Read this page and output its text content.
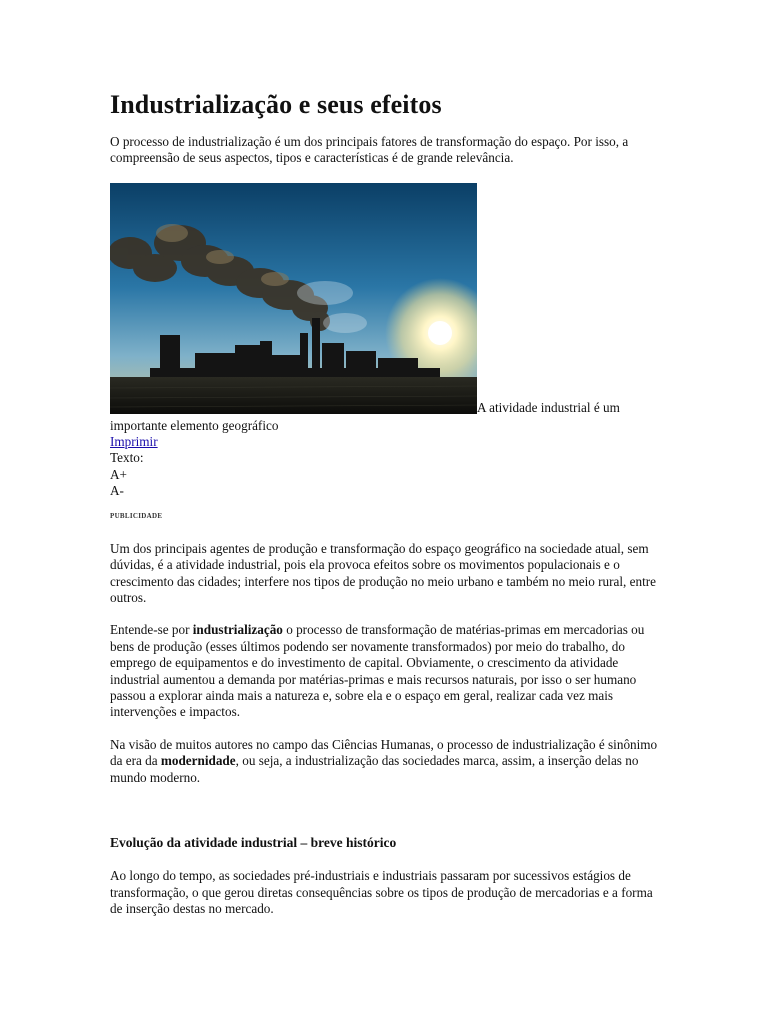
Industrialização e seus efeitos

O processo de industrialização é um dos principais fatores de transformação do espaço. Por isso, a compreensão de seus aspectos, tipos e características é de grande relevância.

A atividade industrial é um
importante elemento geográfico
Imprimir
Texto:
A+
A-
PUBLICIDADE

Um dos principais agentes de produção e transformação do espaço geográfico na sociedade atual, sem dúvidas, é a atividade industrial, pois ela provoca efeitos sobre os movimentos populacionais e o crescimento das cidades; interfere nos tipos de produção no meio urbano e também no meio rural, entre outros.

Entende-se por industrialização o processo de transformação de matérias-primas em mercadorias ou bens de produção (esses últimos podendo ser novamente transformados) por meio do trabalho, do emprego de equipamentos e do investimento de capital. Obviamente, o crescimento da atividade industrial aumentou a demanda por matérias-primas e mais recursos naturais, por isso o ser humano passou a explorar ainda mais a natureza e, sobre ela e o espaço em geral, realizar cada vez mais intervenções e impactos.

Na visão de muitos autores no campo das Ciências Humanas, o processo de industrialização é sinônimo da era da modernidade, ou seja, a industrialização das sociedades marca, assim, a inserção delas no mundo moderno.

Evolução da atividade industrial – breve histórico

Ao longo do tempo, as sociedades pré-industriais e industriais passaram por sucessivos estágios de transformação, o que gerou diretas consequências sobre os tipos de produção de mercadorias e a forma de inserção destas no mercado.
